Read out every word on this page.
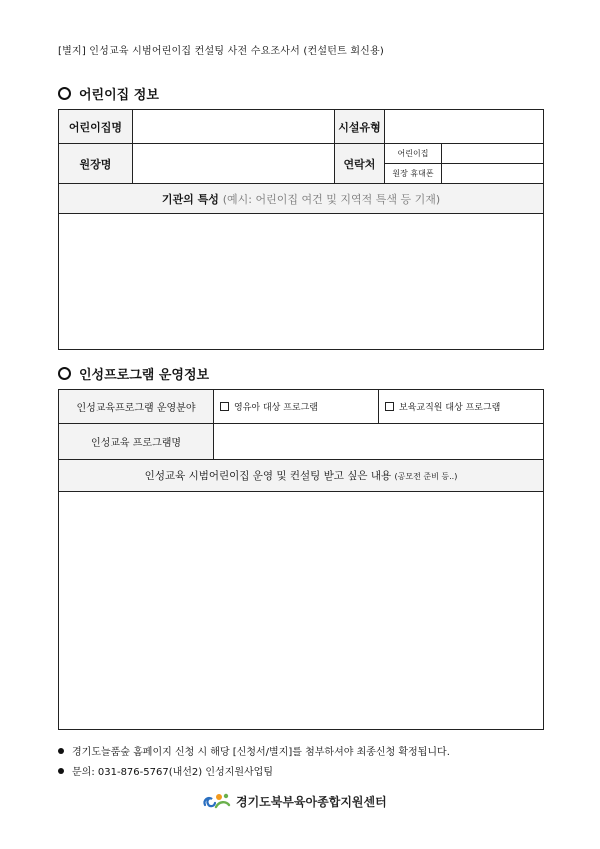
[별지] 인성교육 시범어린이집 컨설팅 사전 수요조사서 (컨설턴트 회신용)
어린이집 정보
어린이집명		시설유형		
원장명		연락처	어린이집	
			원장 휴대폰	
기관의 특성 (예시: 어린이집 여건 및 지역적 특색 등 기재)				

인성프로그램 운영정보
인성교육프로그램 운영분야	영유아 대상 프로그램	보육교직원 대상 프로그램
인성교육 프로그램명		
인성교육 시범어린이집 운영 및 컨설팅 받고 싶은 내용 (공모전 준비 등..)		

경기도늘품숲 홈페이지 신청 시 해당 [신청서/별지]를 첨부하셔야 최종신청 확정됩니다.
문의: 031-876-5767(내선2) 인성지원사업팀
경기도북부육아종합지원센터
